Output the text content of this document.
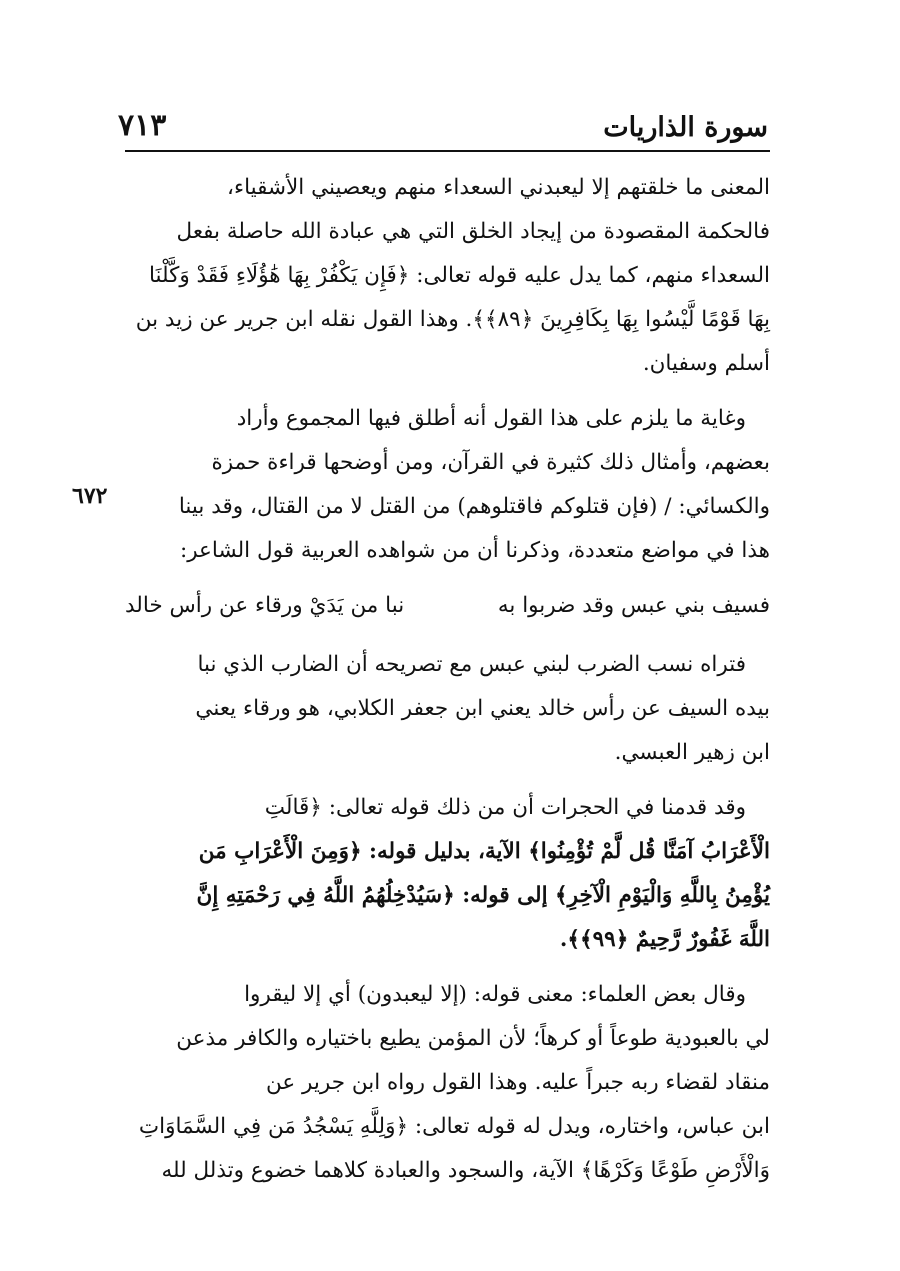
سورة الذاريات
٧١٣
٦٧٢
المعنى ما خلقتهم إلا ليعبدني السعداء منهم ويعصيني الأشقياء،
فالحكمة المقصودة من إيجاد الخلق التي هي عبادة الله حاصلة بفعل
السعداء منهم، كما يدل عليه قوله تعالى: ﴿فَإِن يَكْفُرْ بِهَا هَٰؤُلَاءِ فَقَدْ وَكَّلْنَا
بِهَا قَوْمًا لَّيْسُوا بِهَا بِكَافِرِينَ ﴿٨٩﴾﴾. وهذا القول نقله ابن جرير عن زيد بن
أسلم وسفيان.
وغاية ما يلزم على هذا القول أنه أطلق فيها المجموع وأراد
بعضهم، وأمثال ذلك كثيرة في القرآن، ومن أوضحها قراءة حمزة
والكسائي: / (فإن قتلوكم فاقتلوهم) من القتل لا من القتال، وقد بينا
هذا في مواضع متعددة، وذكرنا أن من شواهده العربية قول الشاعر:
فسيف بني عبس وقد ضربوا به
نبا من يَدَيْ ورقاء عن رأس خالد
فتراه نسب الضرب لبني عبس مع تصريحه أن الضارب الذي نبا
بيده السيف عن رأس خالد يعني ابن جعفر الكلابي، هو ورقاء يعني
ابن زهير العبسي.
وقد قدمنا في الحجرات أن من ذلك قوله تعالى: ﴿قَالَتِ
الْأَعْرَابُ آمَنَّا قُل لَّمْ تُؤْمِنُوا﴾ الآية، بدليل قوله: ﴿وَمِنَ الْأَعْرَابِ مَن
يُؤْمِنُ بِاللَّهِ وَالْيَوْمِ الْآخِرِ﴾ إلى قوله: ﴿سَيُدْخِلُهُمُ اللَّهُ فِي رَحْمَتِهِ إِنَّ
اللَّهَ غَفُورٌ رَّحِيمٌ ﴿٩٩﴾﴾.
وقال بعض العلماء: معنى قوله: (إلا ليعبدون) أي إلا ليقروا
لي بالعبودية طوعاً أو كرهاً؛ لأن المؤمن يطيع باختياره والكافر مذعن
منقاد لقضاء ربه جبراً عليه. وهذا القول رواه ابن جرير عن
ابن عباس، واختاره، ويدل له قوله تعالى: ﴿وَلِلَّهِ يَسْجُدُ مَن فِي السَّمَاوَاتِ
وَالْأَرْضِ طَوْعًا وَكَرْهًا﴾ الآية، والسجود والعبادة كلاهما خضوع وتذلل لله
